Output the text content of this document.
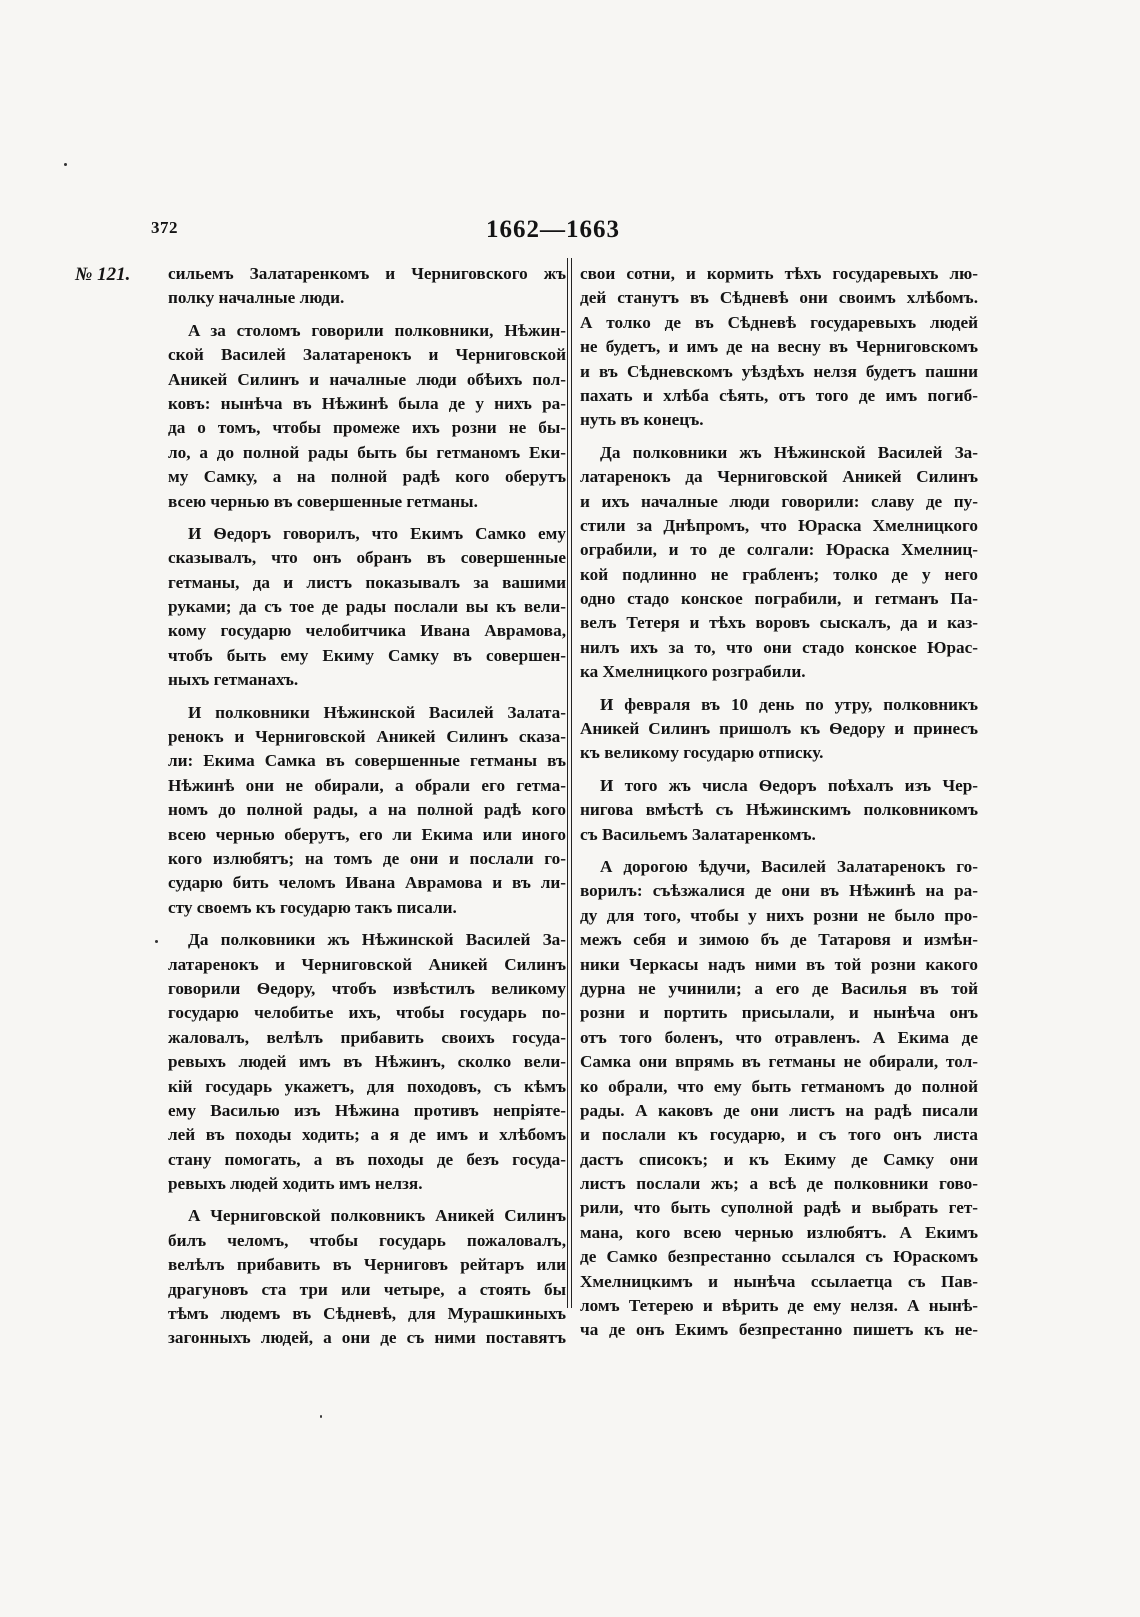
372	1662—1663
№ 121. сильемъ Залатаренкомъ и Черниговского жъ
полку началные люди.
A за столомъ говорили полковники, Нѣжин-
ской Василей Залатаренокъ и Черниговской
Аникей Силинъ и началные люди обѣихъ пол-
ковъ: нынѣча въ Нѣжинѣ была де у нихъ ра-
да о томъ, чтобы промеже ихъ розни не бы-
ло, а до полной рады быть бы гетманомъ Еки-
му Самку, а на полной радѣ кого оберутъ
всею чернью въ совершенные гетманы.
И Ѳедоръ говорилъ, что Екимъ Самко ему
сказывалъ, что онъ обранъ въ совершенные
гетманы, да и листъ показывалъ за вашими
руками; да съ тое де рады послали вы къ вели-
кому государю челобитчика Ивана Аврамова,
чтобъ быть ему Екиму Самку въ совершен-
ныхъ гетманахъ.
И полковники Нѣжинской Василей Залата-
ренокъ и Черниговской Аникей Силинъ сказа-
ли: Екима Самка въ совершенные гетманы въ
Нѣжинѣ они не обирали, а обрали его гетма-
номъ до полной рады, а на полной радѣ кого
всею чернью оберутъ, его ли Екима или иного
кого излюбятъ; на томъ де они и послали го-
сударю бить челомъ Ивана Аврамова и въ ли-
сту своемъ къ государю такъ писали.
Да полковники жъ Нѣжинской Василей За-
латаренокъ и Черниговской Аникей Силинъ
говорили Ѳедору, чтобъ извѣстилъ великому
государю челобитье ихъ, чтобы государь по-
жаловалъ, велѣлъ прибавить своихъ госуда-
ревыхъ людей имъ въ Нѣжинъ, сколко вели-
кій государь укажетъ, для походовъ, съ кѣмъ
ему Василью изъ Нѣжина противъ непріяте-
лей въ походы ходить; а я де имъ и хлѣбомъ
стану помогать, а въ походы де безъ госуда-
ревыхъ людей ходить имъ нелзя.
А Черниговской полковникъ Аникей Силинъ
билъ челомъ, чтобы государь пожаловалъ,
велѣлъ прибавить въ Черниговъ рейтаръ или
драгуновъ ста три или четыре, а стоять бы
тѣмъ людемъ въ Сѣдневѣ, для Мурашкиныхъ
загонныхъ людей, а они де съ ними поставятъ
свои сотни, и кормить тѣхъ государевыхъ лю-
дей станутъ въ Сѣдневѣ они своимъ хлѣбомъ.
А толко де въ Сѣдневѣ государевыхъ людей
не будетъ, и имъ де на весну въ Черниговскомъ
и въ Сѣдневскомъ уѣздѣхъ нелзя будетъ пашни
пахать и хлѣба сѣять, отъ того де имъ погиб-
нуть въ конецъ.
Да полковники жъ Нѣжинской Василей За-
латаренокъ да Черниговской Аникей Силинъ
и ихъ началные люди говорили: славу де пу-
стили за Днѣпромъ, что Юраска Хмелницкого
ограбили, и то де солгали: Юраска Хмелниц-
кой подлинно не грабленъ; толко де у него
одно стадо конское пограбили, и гетманъ Па-
велъ Тетеря и тѣхъ воровъ сыскалъ, да и каз-
нилъ ихъ за то, что они стадо конское Юрас-
ка Хмелницкого розграбили.
И февраля въ 10 день по утру, полковникъ
Аникей Силинъ пришолъ къ Ѳедору и принесъ
къ великому государю отписку.
И того жъ числа Ѳедоръ поѣхалъ изъ Чер-
нигова вмѣстѣ съ Нѣжинскимъ полковникомъ
съ Васильемъ Залатаренкомъ.
А дорогою ѣдучи, Василей Залатаренокъ го-
ворилъ: съѣзжалися де они въ Нѣжинѣ на ра-
ду для того, чтобы у нихъ розни не было про-
межъ себя и зимою бъ де Татаровя и измѣн-
ники Черкасы надъ ними въ той розни какого
дурна не учинили; а его де Василья въ той
розни и портить присылали, и нынѣча онъ
отъ того боленъ, что отравленъ. А Екима де
Самка они впрямь въ гетманы не обирали, тол-
ко обрали, что ему быть гетманомъ до полной
рады. А каковъ де они листъ на радѣ писали
и послали къ государю, и съ того онъ листа
дастъ списокъ; и къ Екиму де Самку они
листъ послали жъ; а всѣ де полковники гово-
рили, что быть суполной радѣ и выбрать гет-
мана, кого всею чернью излюбятъ. А Екимъ
де Самко безпрестанно ссылался съ Юраскомъ
Хмелницкимъ и нынѣча ссылаетца съ Пав-
ломъ Тетерею и вѣрить де ему нелзя. А нынѣ-
ча де онъ Екимъ безпрестанно пишетъ къ не-
